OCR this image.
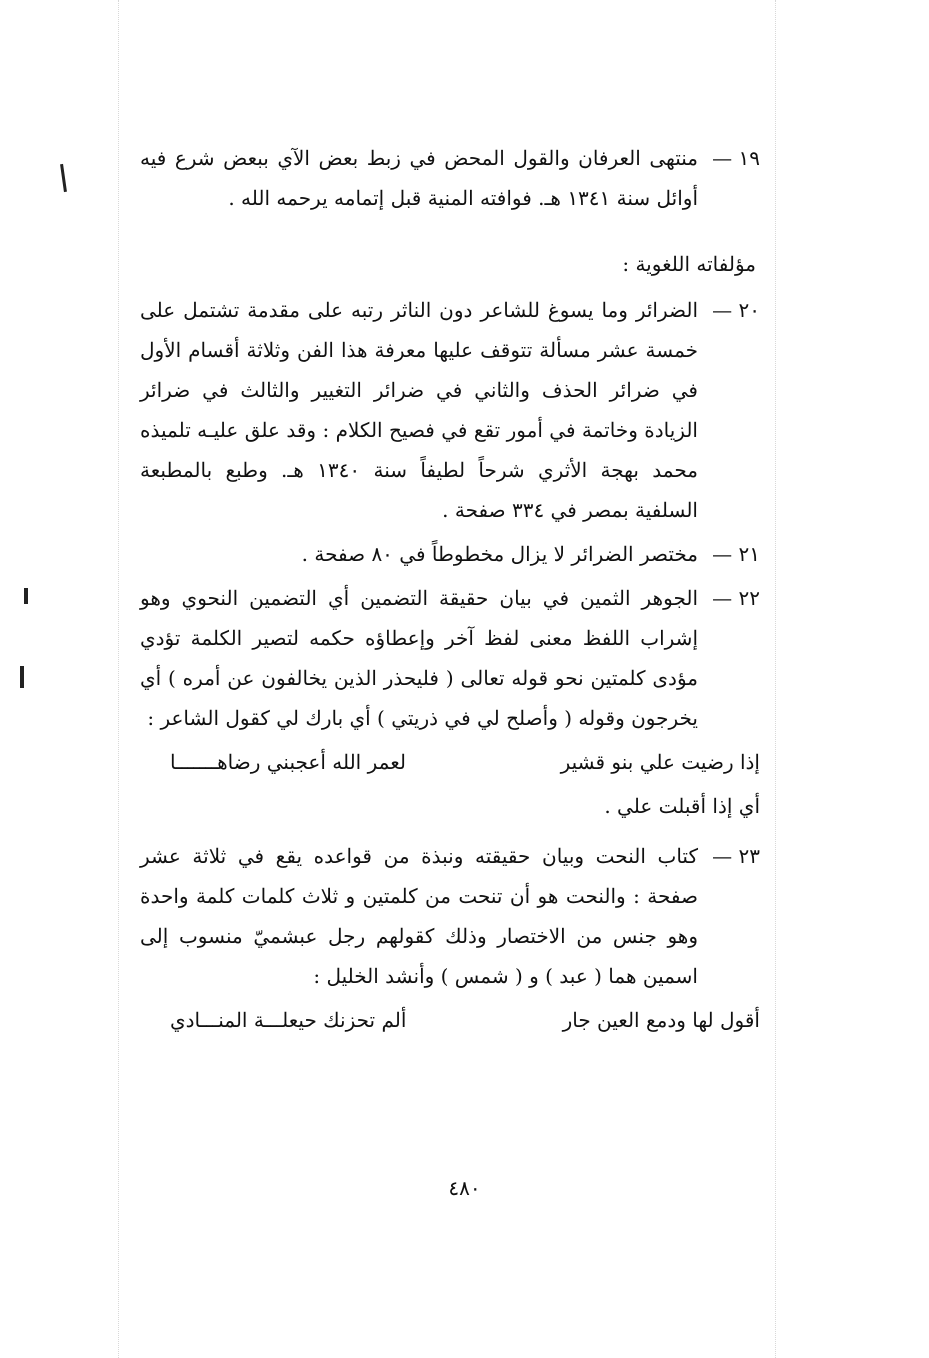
١٩ —
منتهى العرفان والقول المحض في زبط بعض الآي ببعض شرع فيه أوائل سنة ١٣٤١ هـ. فوافته المنية قبل إتمامه يرحمه الله .
مؤلفاته اللغوية :
٢٠ —
الضرائر وما يسوغ للشاعر دون الناثر رتبه على مقدمة تشتمل على خمسة عشر مسألة تتوقف عليها معرفة هذا الفن وثلاثة أقسام الأول في ضرائر الحذف والثاني في ضرائر التغيير والثالث في ضرائر الزيادة وخاتمة في أمور تقع في فصيح الكلام : وقد علق عليـه تلميذه محمد بهجة الأثري شرحاً لطيفاً سنة ١٣٤٠ هـ. وطبع بالمطبعة السلفية بمصر في ٣٣٤ صفحة .
٢١ —
مختصر الضرائر لا يزال مخطوطاً في ٨٠ صفحة .
٢٢ —
الجوهر الثمين في بيان حقيقة التضمين أي التضمين النحوي وهو إشراب اللفظ معنى لفظ آخر وإعطاؤه حكمه لتصير الكلمة تؤدي مؤدى كلمتين نحو قوله تعالى ( فليحذر الذين يخالفون عن أمره ) أي يخرجون وقوله ( وأصلح لي في ذريتي ) أي بارك لي كقول الشاعر :
إذا رضيت علي بنو قشير
لعمر الله أعجبني رضاهـــــــا
أي إذا أقبلت علي .
٢٣ —
كتاب النحت وبيان حقيقته ونبذة من قواعده يقع في ثلاثة عشر صفحة : والنحت هو أن تنحت من كلمتين و ثلاث كلمات كلمة واحدة وهو جنس من الاختصار وذلك كقولهم رجل عبشميّ منسوب إلى اسمين هما ( عبد ) و ( شمس ) وأنشد الخليل :
أقول لها ودمع العين جار
ألم تحزنك حيعلـــة المنـــادي
٤٨٠
